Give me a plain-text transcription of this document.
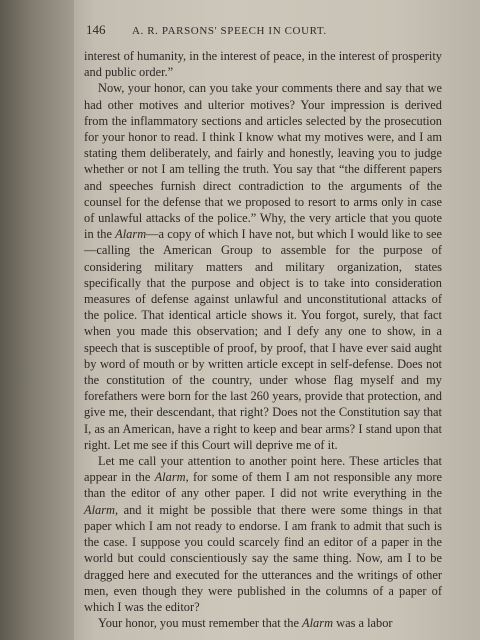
146	A. R. PARSONS' SPEECH IN COURT.

interest of humanity, in the interest of peace, in the interest of prosperity and public order.”

Now, your honor, can you take your comments there and say that we had other motives and ulterior motives? Your impression is derived from the inflammatory sections and articles selected by the prosecution for your honor to read. I think I know what my motives were, and I am stating them deliberately, and fairly and honestly, leaving you to judge whether or not I am telling the truth. You say that “the different papers and speeches furnish direct contradiction to the arguments of the counsel for the defense that we proposed to resort to arms only in case of unlawful attacks of the police.” Why, the very article that you quote in the Alarm—a copy of which I have not, but which I would like to see—calling the American Group to assemble for the purpose of considering military matters and military organization, states specifically that the purpose and object is to take into consideration measures of defense against unlawful and unconstitutional attacks of the police. That identical article shows it. You forgot, surely, that fact when you made this observation; and I defy any one to show, in a speech that is susceptible of proof, by proof, that I have ever said aught by word of mouth or by written article except in self-defense. Does not the constitution of the country, under whose flag myself and my forefathers were born for the last 260 years, provide that protection, and give me, their descendant, that right? Does not the Constitution say that I, as an American, have a right to keep and bear arms? I stand upon that right. Let me see if this Court will deprive me of it.

Let me call your attention to another point here. These articles that appear in the Alarm, for some of them I am not responsible any more than the editor of any other paper. I did not write everything in the Alarm, and it might be possible that there were some things in that paper which I am not ready to endorse. I am frank to admit that such is the case. I suppose you could scarcely find an editor of a paper in the world but could conscientiously say the same thing. Now, am I to be dragged here and executed for the utterances and the writings of other men, even though they were published in the columns of a paper of which I was the editor?

Your honor, you must remember that the Alarm was a labor
